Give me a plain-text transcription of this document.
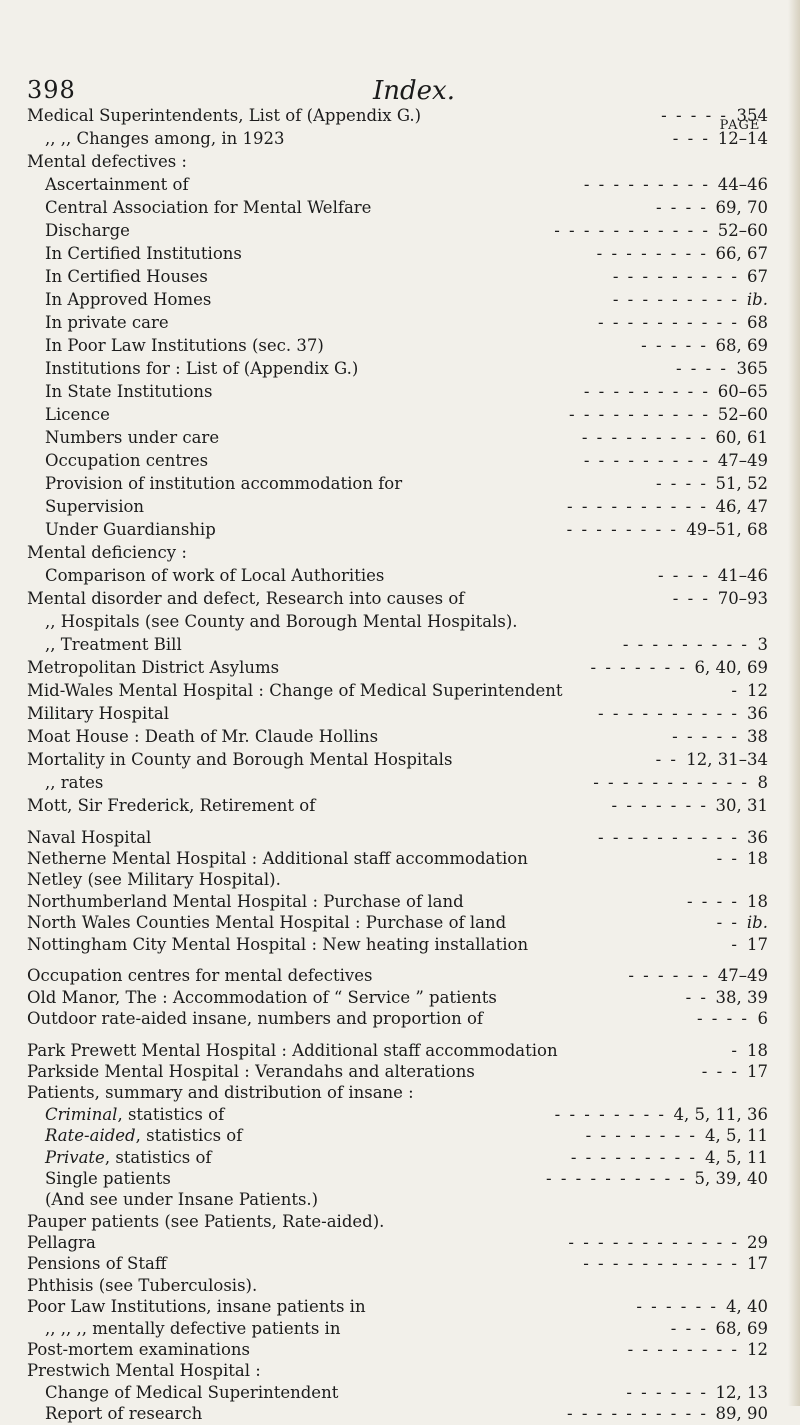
398	Index.
PAGE
Medical Superintendents, List of (Appendix G.)	- - - - - 354
,, ,, Changes among, in 1923	- - - 12–14
Mental defectives :
Ascertainment of	- - - - - - - - - 44–46
Central Association for Mental Welfare	- - - - 69, 70
Discharge	- - - - - - - - - - - 52–60
In Certified Institutions	- - - - - - - - 66, 67
In Certified Houses	- - - - - - - - - 67
In Approved Homes	- - - - - - - - - ib.
In private care	- - - - - - - - - - 68
In Poor Law Institutions (sec. 37)	- - - - - 68, 69
Institutions for : List of (Appendix G.)	- - - - 365
In State Institutions	- - - - - - - - - 60–65
Licence	- - - - - - - - - - 52–60
Numbers under care	- - - - - - - - - 60, 61
Occupation centres	- - - - - - - - - 47–49
Provision of institution accommodation for	- - - - 51, 52
Supervision	- - - - - - - - - - 46, 47
Under Guardianship	- - - - - - - - 49–51, 68
Mental deficiency :
Comparison of work of Local Authorities	- - - - 41–46
Mental disorder and defect, Research into causes of	- - - 70–93
,, Hospitals (see County and Borough Mental Hospitals).
,, Treatment Bill	- - - - - - - - - 3
Metropolitan District Asylums	- - - - - - - 6, 40, 69
Mid-Wales Mental Hospital : Change of Medical Superintendent	- 12
Military Hospital	- - - - - - - - - - 36
Moat House : Death of Mr. Claude Hollins	- - - - - 38
Mortality in County and Borough Mental Hospitals	- - 12, 31–34
,, rates	- - - - - - - - - - - 8
Mott, Sir Frederick, Retirement of	- - - - - - - 30, 31
Naval Hospital	- - - - - - - - - - 36
Netherne Mental Hospital : Additional staff accommodation	- - 18
Netley (see Military Hospital).
Northumberland Mental Hospital : Purchase of land	- - - - 18
North Wales Counties Mental Hospital : Purchase of land	- - ib.
Nottingham City Mental Hospital : New heating installation	- 17
Occupation centres for mental defectives	- - - - - - 47–49
Old Manor, The : Accommodation of “ Service ” patients	- - 38, 39
Outdoor rate-aided insane, numbers and proportion of	- - - - 6
Park Prewett Mental Hospital : Additional staff accommodation	- 18
Parkside Mental Hospital : Verandahs and alterations	- - - 17
Patients, summary and distribution of insane :
Criminal, statistics of	- - - - - - - - 4, 5, 11, 36
Rate-aided, statistics of	- - - - - - - - 4, 5, 11
Private, statistics of	- - - - - - - - - 4, 5, 11
Single patients	- - - - - - - - - - 5, 39, 40
(And see under Insane Patients.)
Pauper patients (see Patients, Rate-aided).
Pellagra	- - - - - - - - - - - - 29
Pensions of Staff	- - - - - - - - - - - 17
Phthisis (see Tuberculosis).
Poor Law Institutions, insane patients in	- - - - - - 4, 40
,, ,, ,, mentally defective patients in	- - - 68, 69
Post-mortem examinations	- - - - - - - - 12
Prestwich Mental Hospital :
Change of Medical Superintendent	- - - - - - 12, 13
Report of research	- - - - - - - - - - 89, 90
